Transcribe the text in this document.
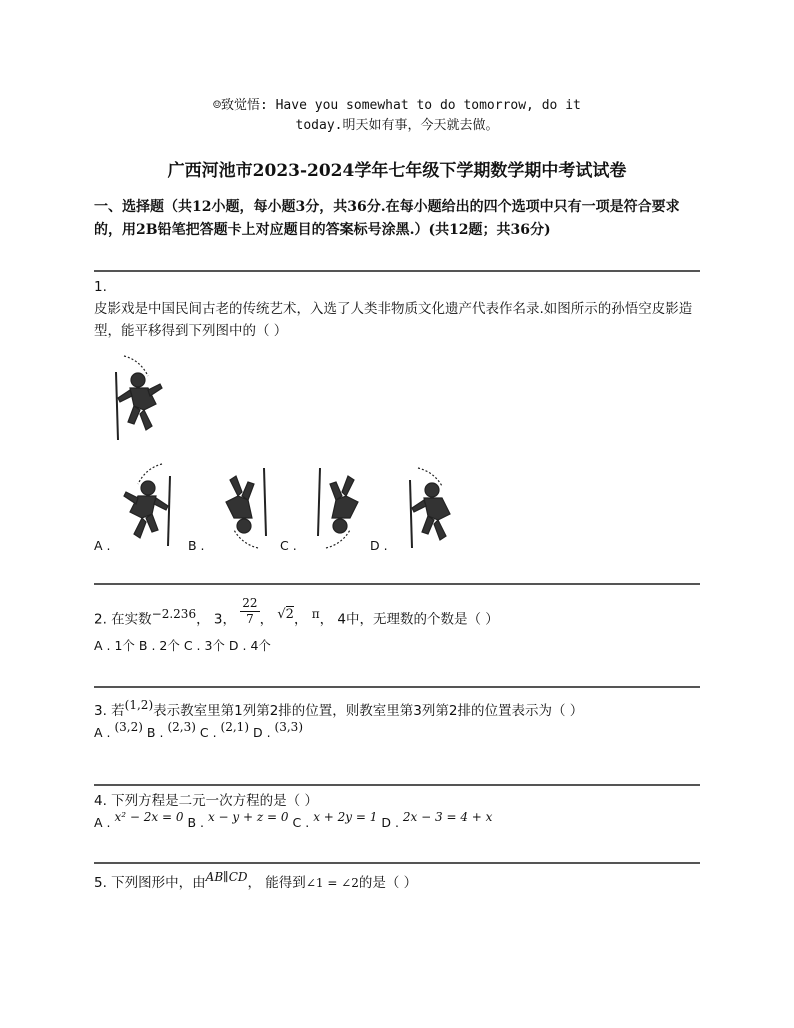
☺致觉悟: Have you somewhat to do tomorrow, do it
today.明天如有事，今天就去做。
广西河池市2023-2024学年七年级下学期数学期中考试试卷
一、选择题（共12小题，每小题3分，共36分.在每小题给出的四个选项中只有一项是符合要求的，用2B铅笔把答题卡上对应题目的答案标号涂黑.）(共12题；共36分)
1.
皮影戏是中国民间古老的传统艺术，入选了人类非物质文化遗产代表作名录.如图所示的孙悟空皮影造型，能平移得到下列图中的（ ）
A .	B .	C .	D .
2. 在实数−2.236， 3， $\frac{22}{7}$ ， √2， π， 4中，无理数的个数是（ ）
A . 1个 B . 2个 C . 3个 D . 4个
3. 若(1,2)表示教室里第1列第2排的位置，则教室里第3列第2排的位置表示为（ ）
A . (3,2) B . (2,3) C . (2,1) D . (3,3)
4. 下列方程是二元一次方程的是（ ）
A . x² − 2x = 0 B . x − y + z = 0 C . x + 2y = 1 D . 2x − 3 = 4 + x
5. 下列图形中，由AB∥CD， 能得到∠1 = ∠2的是（ ）
